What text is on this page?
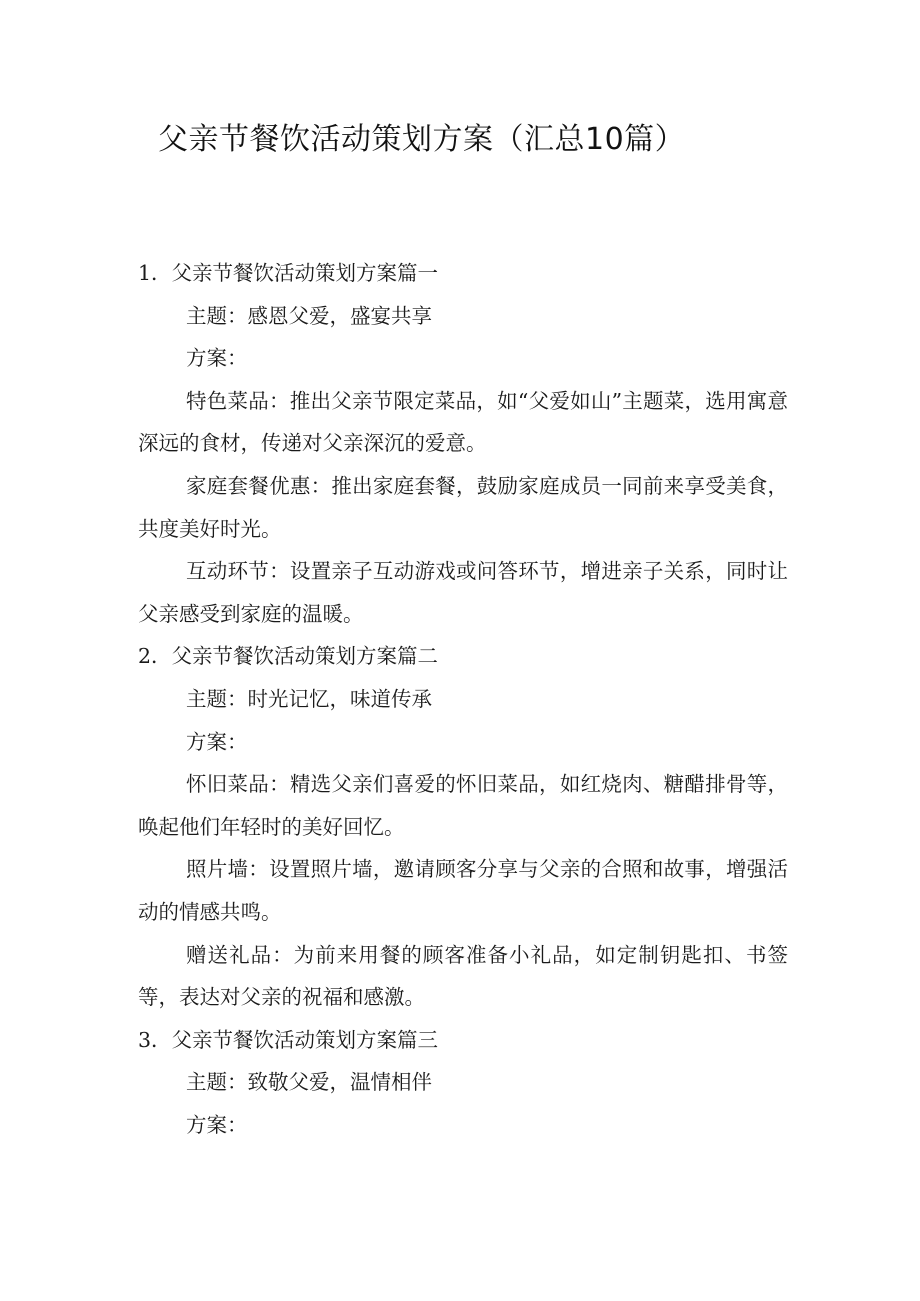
父亲节餐饮活动策划方案（汇总10篇）

1．父亲节餐饮活动策划方案篇一

主题：感恩父爱，盛宴共享

方案：

特色菜品：推出父亲节限定菜品，如“父爱如山”主题菜，选用寓意深远的食材，传递对父亲深沉的爱意。

家庭套餐优惠：推出家庭套餐，鼓励家庭成员一同前来享受美食，共度美好时光。

互动环节：设置亲子互动游戏或问答环节，增进亲子关系，同时让父亲感受到家庭的温暖。

2．父亲节餐饮活动策划方案篇二

主题：时光记忆，味道传承

方案：

怀旧菜品：精选父亲们喜爱的怀旧菜品，如红烧肉、糖醋排骨等，唤起他们年轻时的美好回忆。

照片墙：设置照片墙，邀请顾客分享与父亲的合照和故事，增强活动的情感共鸣。

赠送礼品：为前来用餐的顾客准备小礼品，如定制钥匙扣、书签等，表达对父亲的祝福和感激。

3．父亲节餐饮活动策划方案篇三

主题：致敬父爱，温情相伴

方案：
